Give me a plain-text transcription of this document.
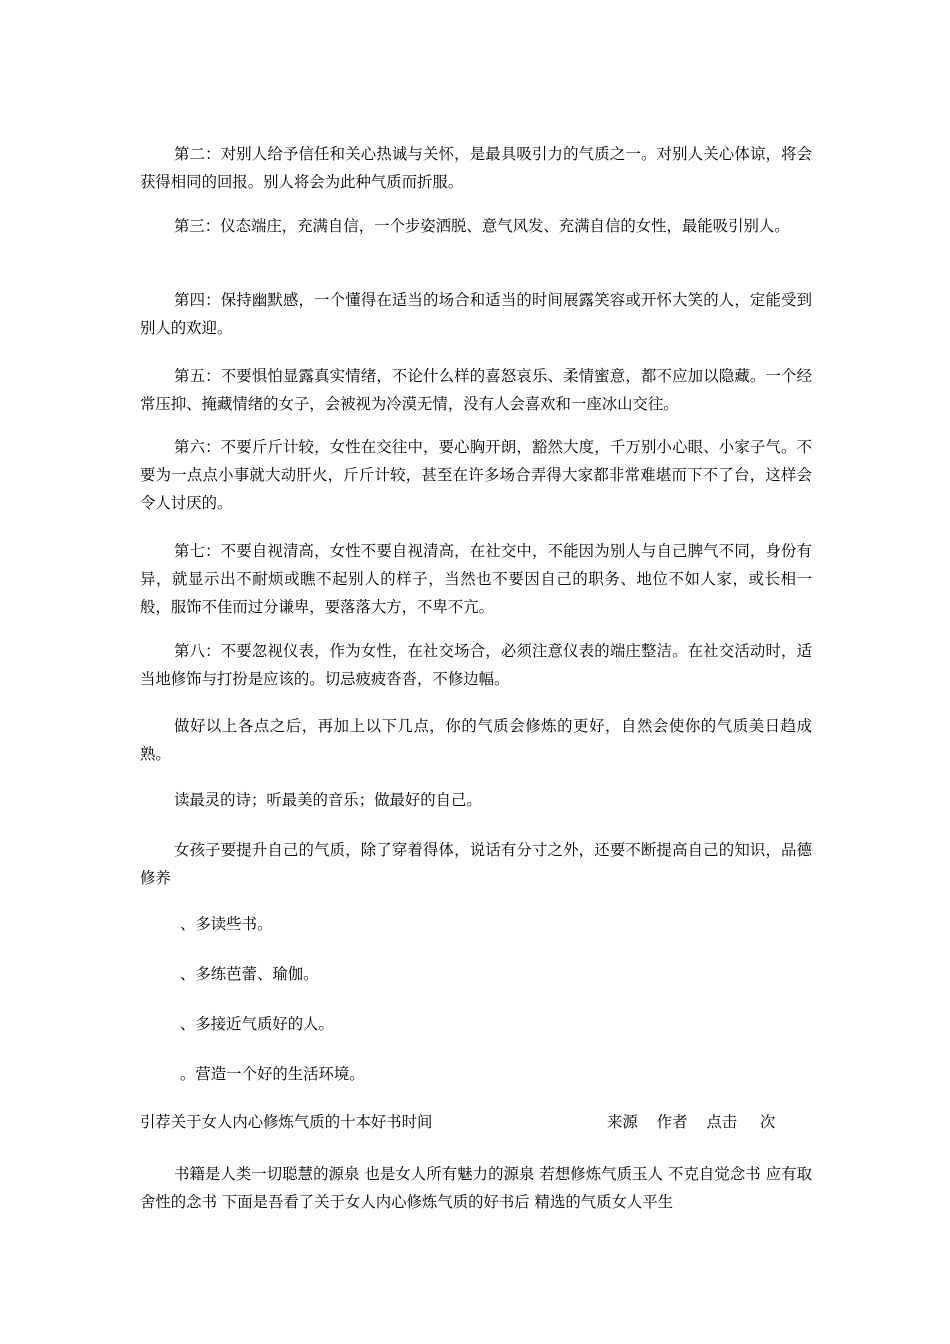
第二：对别人给予信任和关心热诚与关怀，是最具吸引力的气质之一。对别人关心体谅，将会获得相同的回报。别人将会为此种气质而折服。

第三：仪态端庄，充满自信，一个步姿洒脱、意气风发、充满自信的女性，最能吸引别人。

第四：保持幽默感，一个懂得在适当的场合和适当的时间展露笑容或开怀大笑的人，定能受到别人的欢迎。

第五：不要惧怕显露真实情绪，不论什么样的喜怒哀乐、柔情蜜意，都不应加以隐藏。一个经常压抑、掩藏情绪的女子，会被视为冷漠无情，没有人会喜欢和一座冰山交往。

第六：不要斤斤计较，女性在交往中，要心胸开朗，豁然大度，千万别小心眼、小家子气。不要为一点点小事就大动肝火，斤斤计较，甚至在许多场合弄得大家都非常难堪而下不了台，这样会令人讨厌的。

第七：不要自视清高，女性不要自视清高，在社交中，不能因为别人与自己脾气不同，身份有异，就显示出不耐烦或瞧不起别人的样子，当然也不要因自己的职务、地位不如人家，或长相一般，服饰不佳而过分谦卑，要落落大方，不卑不亢。

第八：不要忽视仪表，作为女性，在社交场合，必须注意仪表的端庄整洁。在社交活动时，适当地修饰与打扮是应该的。切忌疲疲沓沓，不修边幅。

做好以上各点之后，再加上以下几点，你的气质会修炼的更好，自然会使你的气质美日趋成熟。

读最灵的诗；听最美的音乐；做最好的自己。

女孩子要提升自己的气质，除了穿着得体，说话有分寸之外，还要不断提高自己的知识，品德修养

、多读些书。

、多练芭蕾、瑜伽。

、多接近气质好的人。

。营造一个好的生活环境。

引荐关于女人内心修炼气质的十本好书时间	来源 作者 点击 次

书籍是人类一切聪慧的源泉 也是女人所有魅力的源泉 若想修炼气质玉人 不克自觉念书 应有取舍性的念书 下面是吾看了关于女人内心修炼气质的好书后 精选的气质女人平生
